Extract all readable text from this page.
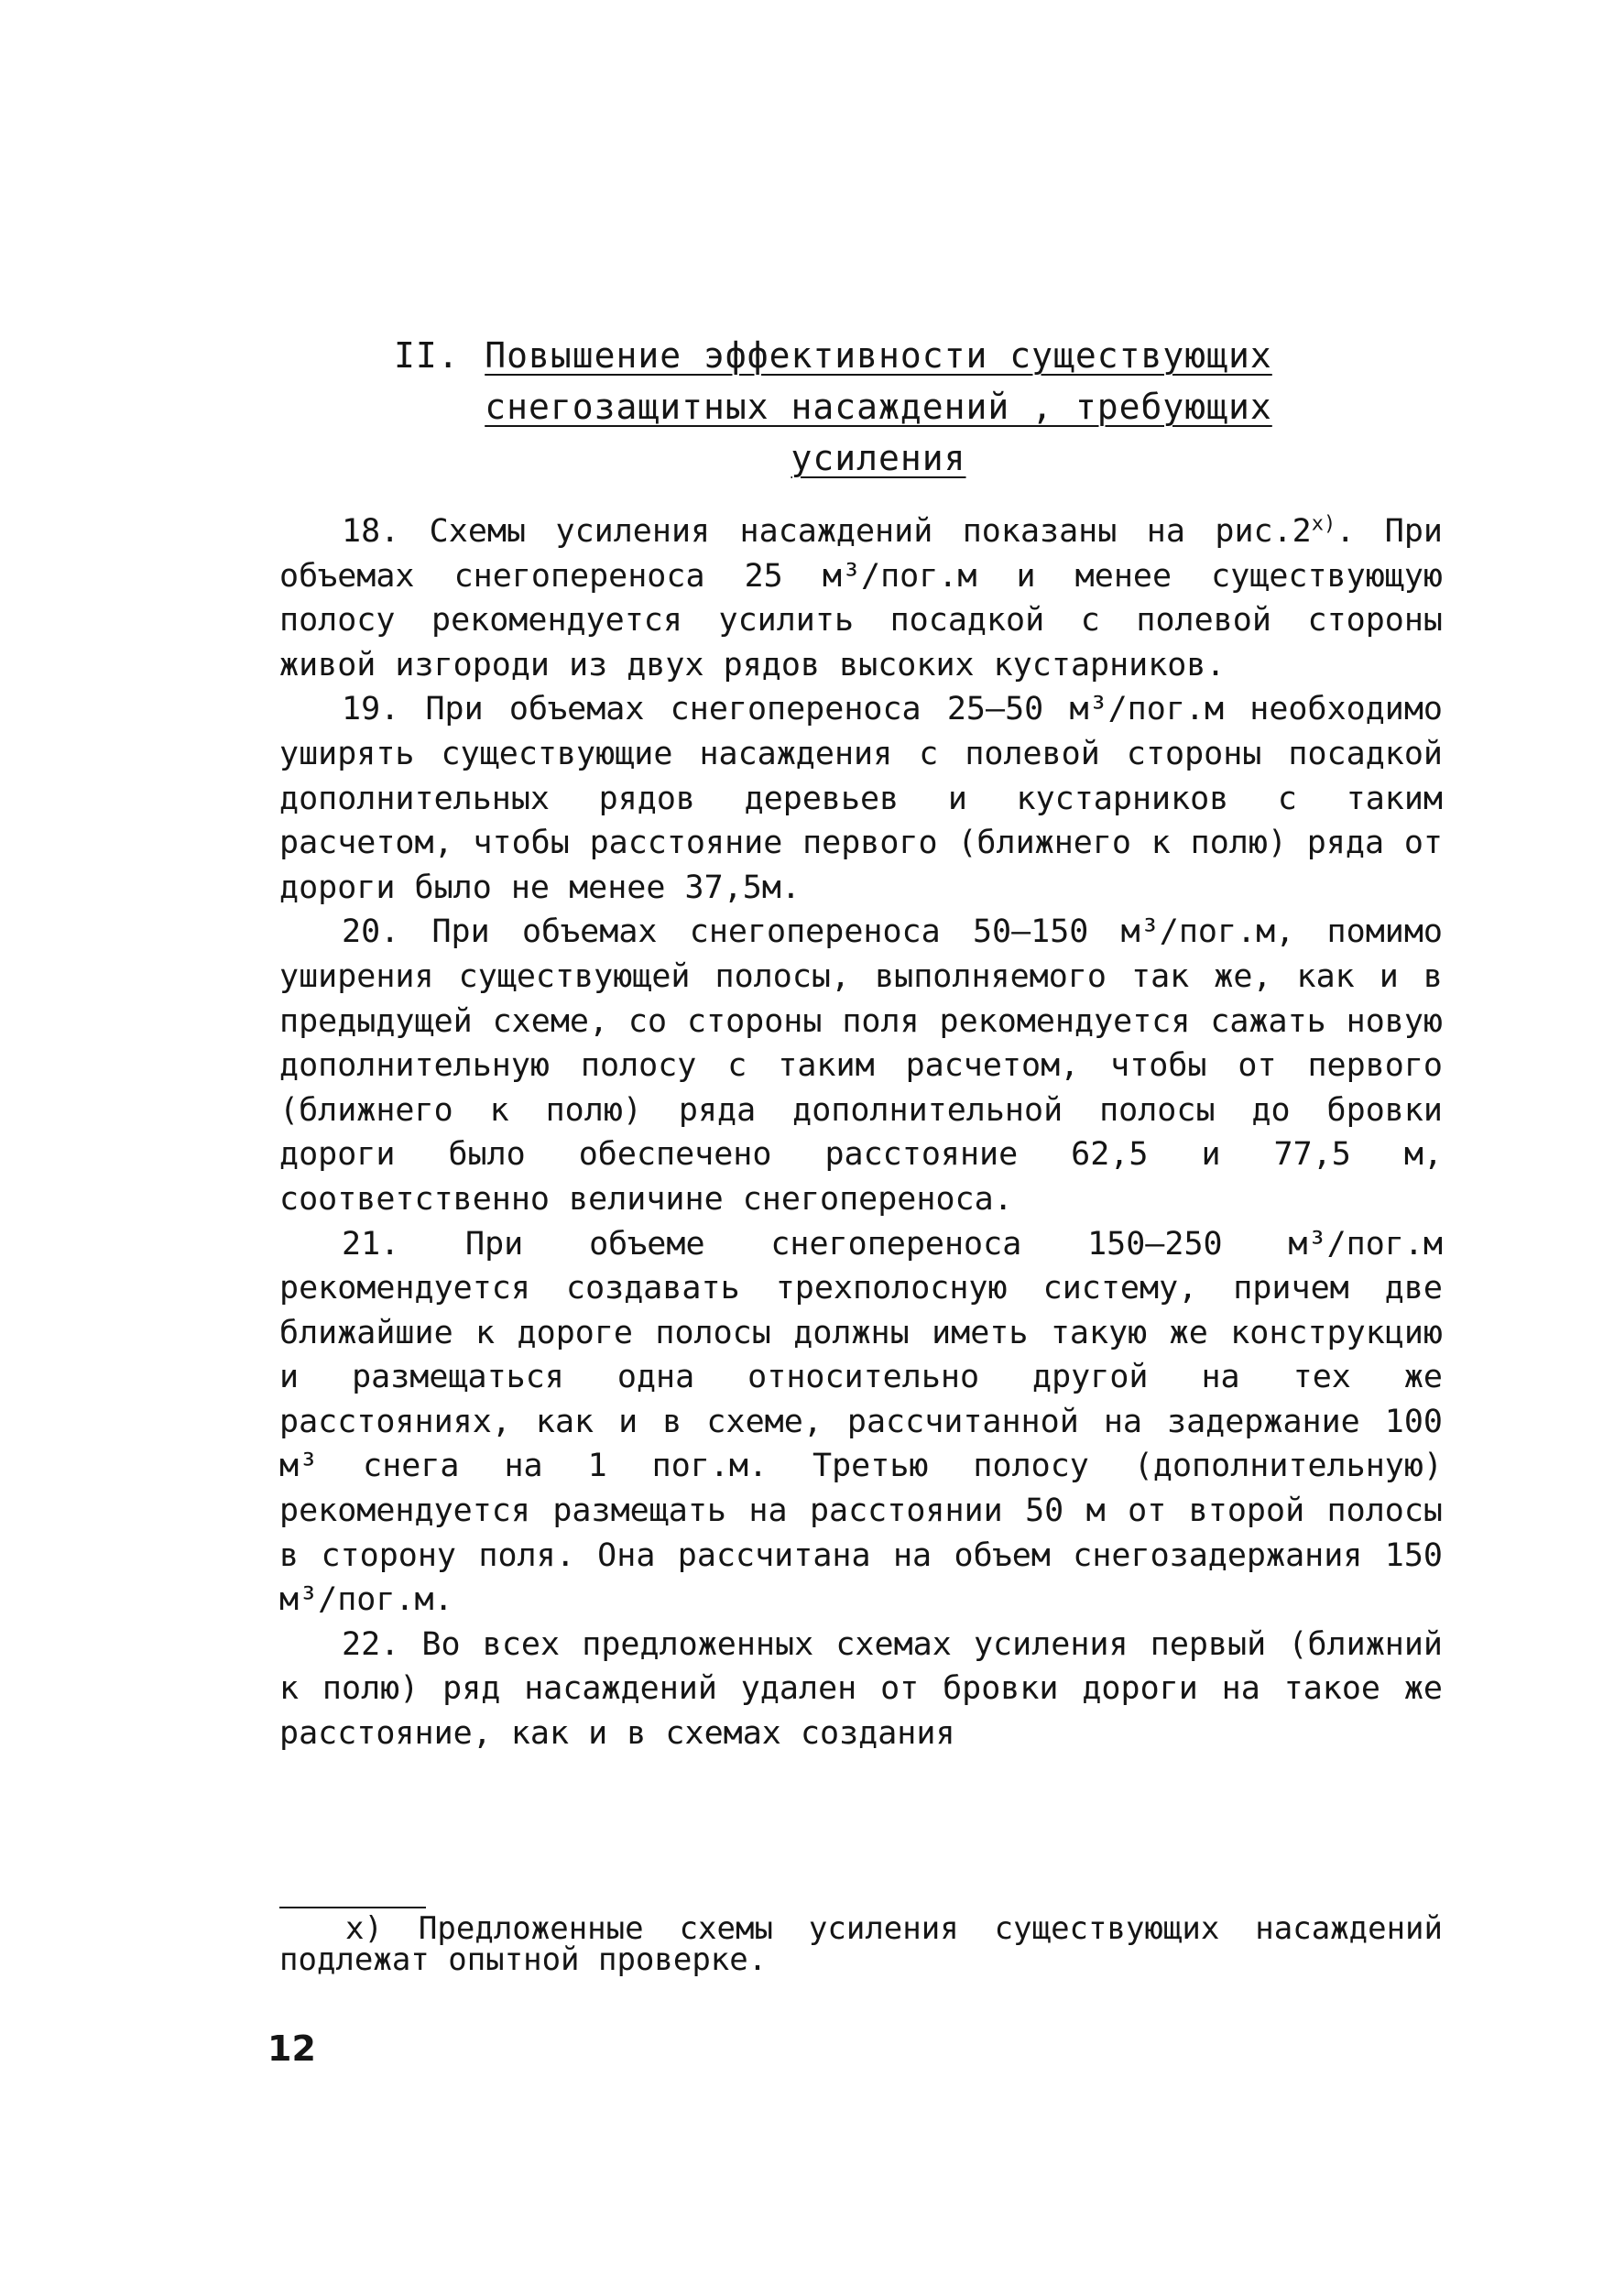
II. Повышение эффективности существующих
снегозащитных насаждений , требующих
усиления

18. Схемы усиления насаждений показаны на рис.2$^{x)}$. При объемах снегопереноса 25 м³/пог.м и менее существующую полосу рекомендуется усилить посадкой с полевой стороны живой изгороди из двух рядов высоких кустарников.

19. При объемах снегопереноса 25–50 м³/пог.м необходимо уширять существующие насаждения с полевой стороны посадкой дополнительных рядов деревьев и кустарников с таким расчетом, чтобы расстояние первого (ближнего к полю) ряда от дороги было не менее 37,5м.

20. При объемах снегопереноса 50–150 м³/пог.м, помимо уширения существующей полосы, выполняемого так же, как и в предыдущей схеме, со стороны поля рекомендуется сажать новую дополнительную полосу с таким расчетом, чтобы от первого (ближнего к полю) ряда дополнительной полосы до бровки дороги было обеспечено расстояние 62,5 и 77,5 м, соответственно величине снегопереноса.

21. При объеме снегопереноса 150–250 м³/пог.м рекомендуется создавать трехполосную систему, причем две ближайшие к дороге полосы должны иметь такую же конструкцию и размещаться одна относительно другой на тех же расстояниях, как и в схеме, рассчитанной на задержание 100 м³ снега на 1 пог.м. Третью полосу (дополнительную) рекомендуется размещать на расстоянии 50 м от второй полосы в сторону поля. Она рассчитана на объем снегозадержания 150 м³/пог.м.

22. Во всех предложенных схемах усиления первый (ближний к полю) ряд насаждений удален от бровки дороги на такое же расстояние, как и в схемах создания

x) Предложенные схемы усиления существующих насаждений подлежат опытной проверке.
12
